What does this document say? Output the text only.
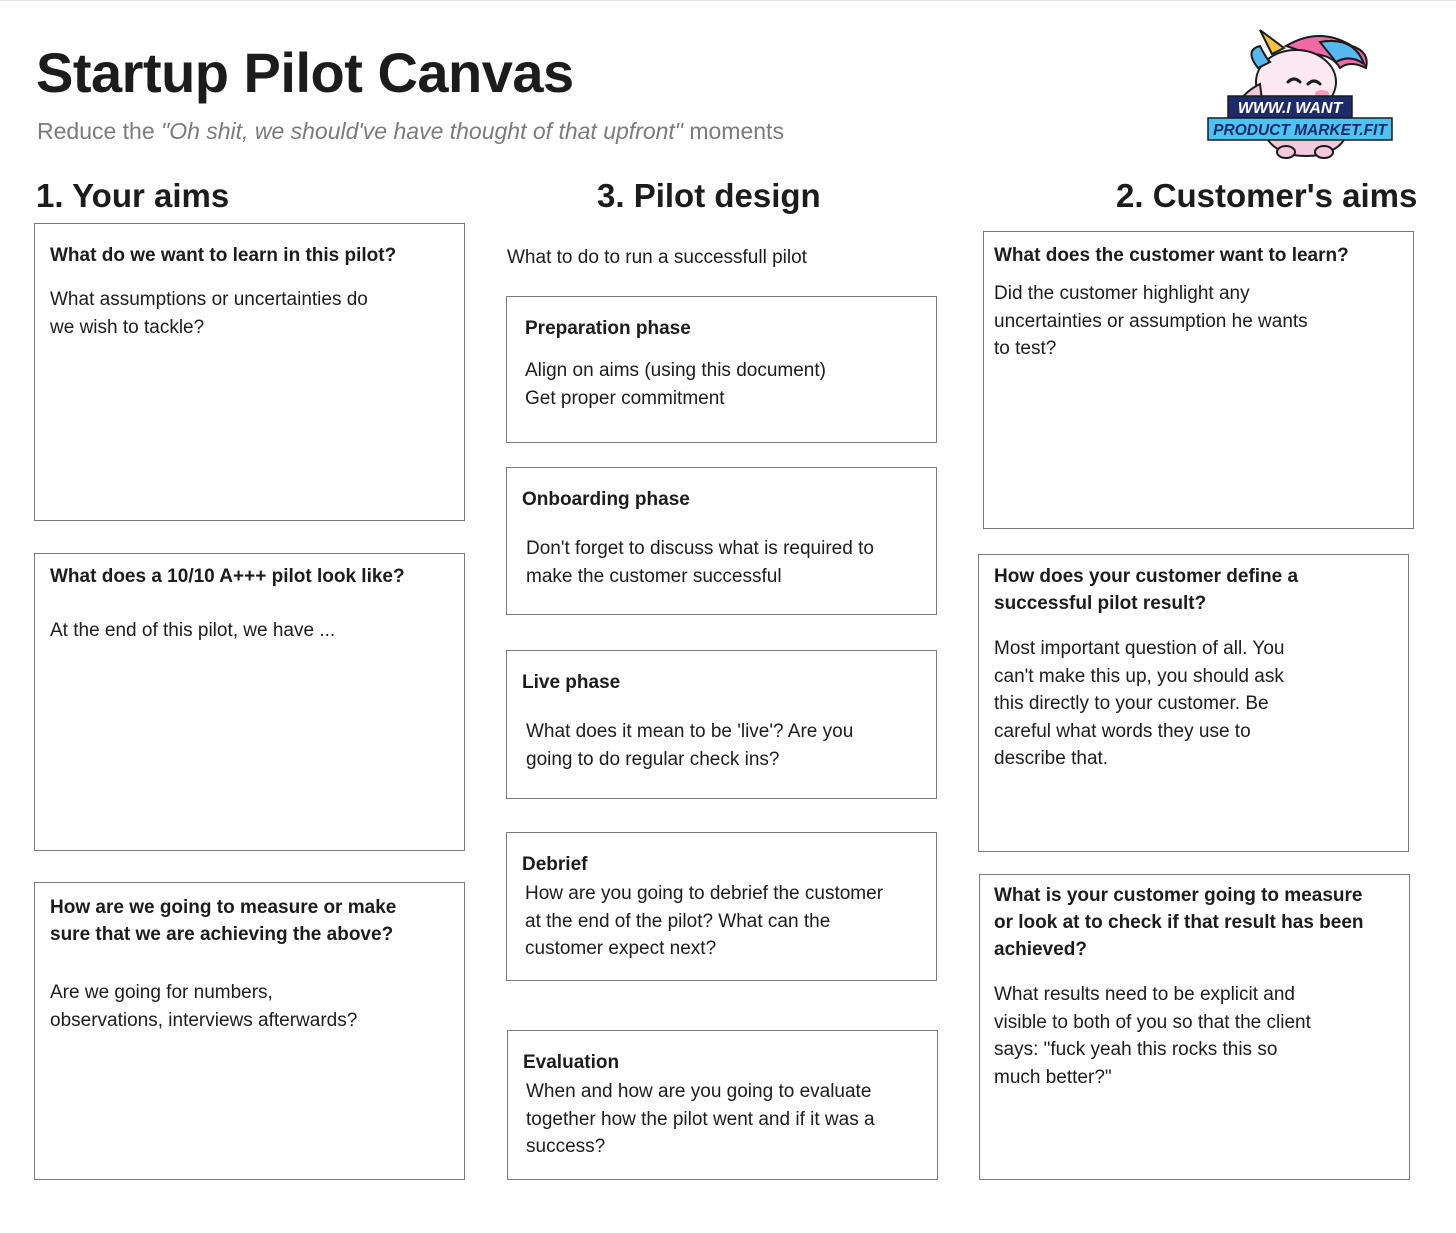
Startup Pilot Canvas
Reduce the "Oh shit, we should've have thought of that upfront" moments
WWW.I WANT
PRODUCT MARKET.FIT
1. Your aims	3. Pilot design	2. Customer's aims

What do we want to learn in this pilot?

What assumptions or uncertainties do
we wish to tackle?

What does a 10/10 A+++ pilot look like?

At the end of this pilot, we have ...

How are we going to measure or make
sure that we are achieving the above?

Are we going for numbers,
observations, interviews afterwards?

What to do to run a successfull pilot

Preparation phase

Align on aims (using this document)
Get proper commitment

Onboarding phase

Don't forget to discuss what is required to
make the customer successful

Live phase

What does it mean to be 'live'? Are you
going to do regular check ins?

Debrief

How are you going to debrief the customer
at the end of the pilot? What can the
customer expect next?

Evaluation

When and how are you going to evaluate
together how the pilot went and if it was a
success?

What does the customer want to learn?

Did the customer highlight any
uncertainties or assumption he wants
to test?

How does your customer define a
successful pilot result?

Most important question of all. You
can't make this up, you should ask
this directly to your customer. Be
careful what words they use to
describe that.

What is your customer going to measure
or look at to check if that result has been
achieved?

What results need to be explicit and
visible to both of you so that the client
says: "fuck yeah this rocks this so
much better?"
